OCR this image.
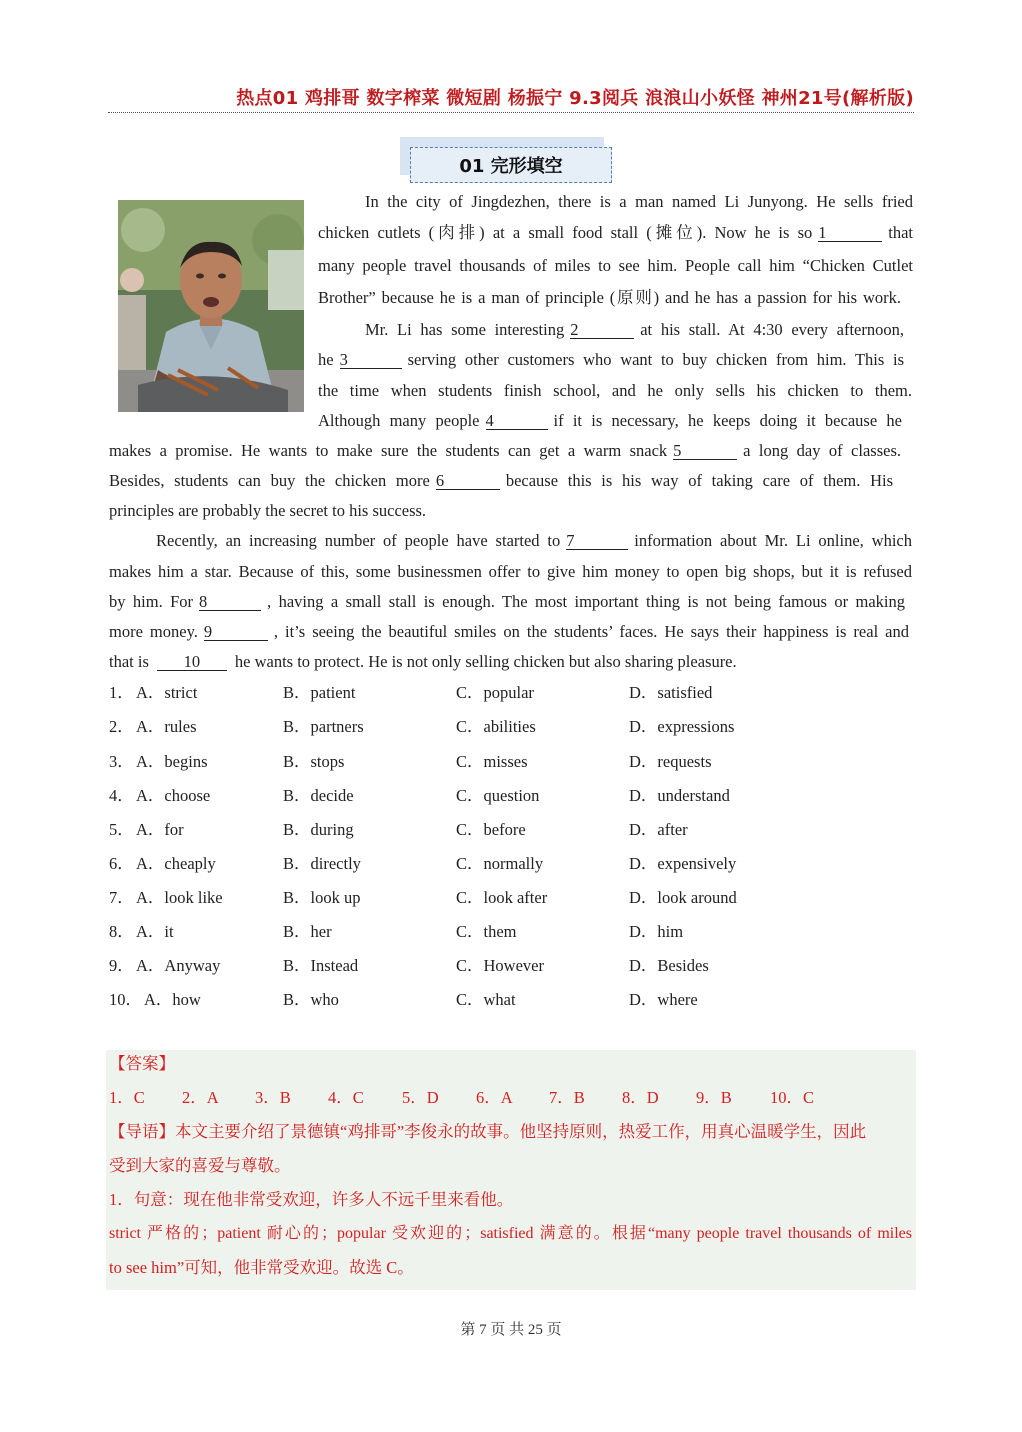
热点01 鸡排哥 数字榨菜 微短剧 杨振宁 9.3阅兵 浪浪山小妖怪 神州21号(解析版)
01 完形填空
In the city of Jingdezhen, there is a man named Li Junyong. He sells fried
chicken cutlets (肉排) at a small food stall (摊位). Now he is so 1	that
many people travel thousands of miles to see him. People call him “Chicken Cutlet
Brother” because he is a man of principle (原则) and he has a passion for his work.
Mr. Li has some interesting 2	at his stall. At 4:30 every afternoon,
he 3	serving other customers who want to buy chicken from him. This is
the time when students finish school, and he only sells his chicken to them.
Although many people 4	if it is necessary, he keeps doing it because he
makes a promise. He wants to make sure the students can get a warm snack 5	a long day of classes.
Besides, students can buy the chicken more 6	because this is his way of taking care of them. His
principles are probably the secret to his success.
Recently, an increasing number of people have started to 7	information about Mr. Li online, which
makes him a star. Because of this, some businessmen offer to give him money to open big shops, but it is refused
by him. For 8	, having a small stall is enough. The most important thing is not being famous or making
more money. 9	, it’s seeing the beautiful smiles on the students’ faces. He says their happiness is real and
that is 10 he wants to protect. He is not only selling chicken but also sharing pleasure.
1． A．strict	B．patient	C．popular	D．satisfied
2． A．rules	B．partners	C．abilities	D．expressions
3． A．begins	B．stops	C．misses	D．requests
4． A．choose	B．decide	C．question	D．understand
5． A．for	B．during	C．before	D．after
6． A．cheaply	B．directly	C．normally	D．expensively
7． A．look like	B．look up	C．look after	D．look around
8． A．it	B．her	C．them	D．him
9． A．Anyway	B．Instead	C．However	D．Besides
10． A．how	B．who	C．what	D．where
【答案】
1．C 2．A 3．B 4．C 5．D 6．A 7．B 8．D 9．B 10．C
【导语】本文主要介绍了景德镇“鸡排哥”李俊永的故事。他坚持原则，热爱工作，用真心温暖学生，因此
受到大家的喜爱与尊敬。
1．句意：现在他非常受欢迎，许多人不远千里来看他。
strict 严格的；patient 耐心的；popular 受欢迎的；satisfied 满意的。根据“many people travel thousands of miles
to see him”可知，他非常受欢迎。故选 C。
第 7 页 共 25 页
